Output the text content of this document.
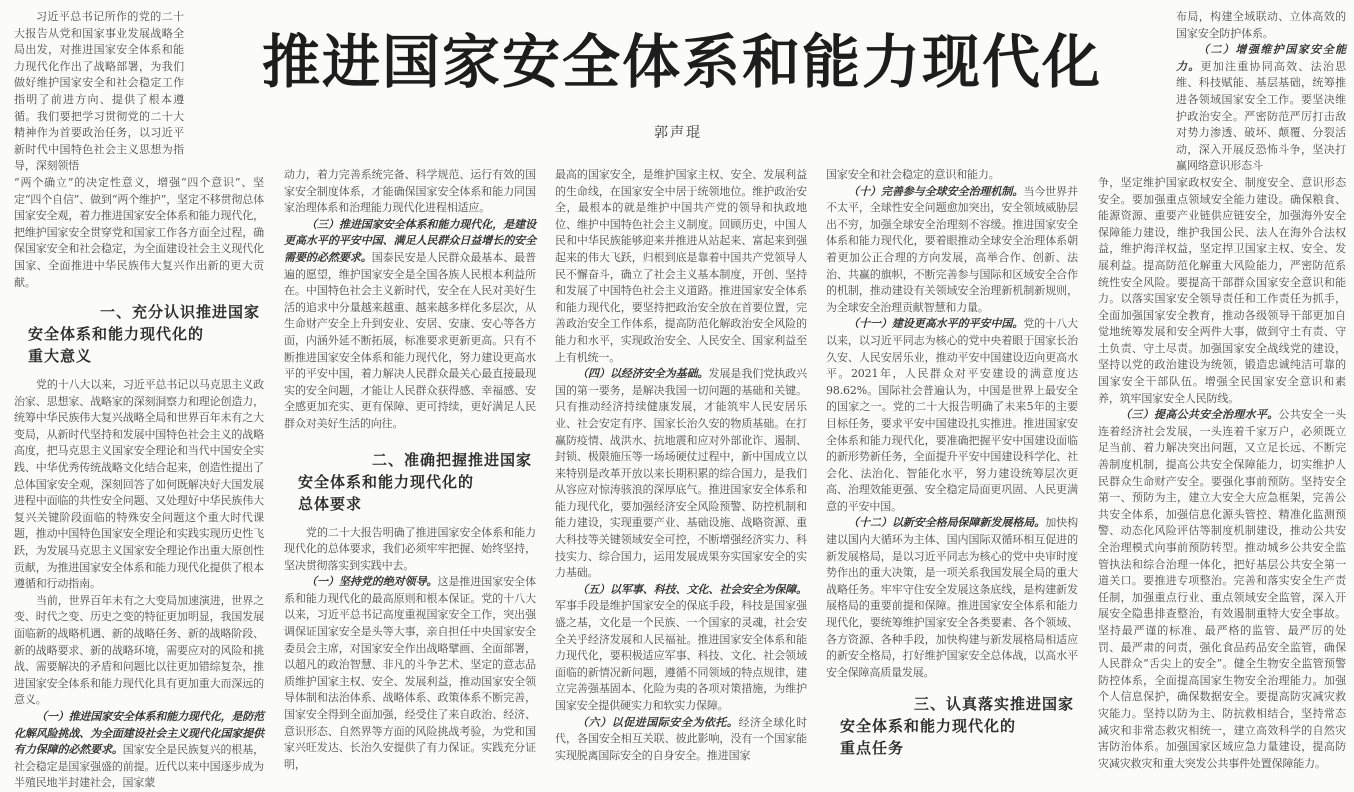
推进国家安全体系和能力现代化
郭声琨

习近平总书记所作的党的二十大报告从党和国家事业发展战略全局出发，对推进国家安全体系和能力现代化作出了战略部署，为我们做好维护国家安全和社会稳定工作指明了前进方向、提供了根本遵循。我们要把学习贯彻党的二十大精神作为首要政治任务，以习近平新时代中国特色社会主义思想为指导，深刻领悟

“两个确立”的决定性意义，增强“四个意识”、坚定“四个自信”、做到“两个维护”，坚定不移贯彻总体国家安全观，着力推进国家安全体系和能力现代化，把维护国家安全贯穿党和国家工作各方面全过程，确保国家安全和社会稳定，为全面建设社会主义现代化国家、全面推进中华民族伟大复兴作出新的更大贡献。

一、充分认识推进国家
安全体系和能力现代化的
重大意义

党的十八大以来，习近平总书记以马克思主义政治家、思想家、战略家的深刻洞察力和理论创造力，统筹中华民族伟大复兴战略全局和世界百年未有之大变局，从新时代坚持和发展中国特色社会主义的战略高度，把马克思主义国家安全理论和当代中国安全实践、中华优秀传统战略文化结合起来，创造性提出了总体国家安全观，深刻回答了如何既解决好大国发展进程中面临的共性安全问题、又处理好中华民族伟大复兴关键阶段面临的特殊安全问题这个重大时代课题，推动中国特色国家安全理论和实践实现历史性飞跃，为发展马克思主义国家安全理论作出重大原创性贡献，为推进国家安全体系和能力现代化提供了根本遵循和行动指南。

当前，世界百年未有之大变局加速演进，世界之变、时代之变、历史之变的特征更加明显，我国发展面临新的战略机遇、新的战略任务、新的战略阶段、新的战略要求、新的战略环境，需要应对的风险和挑战、需要解决的矛盾和问题比以往更加错综复杂，推进国家安全体系和能力现代化具有更加重大而深远的意义。

（一）推进国家安全体系和能力现代化，是防范化解风险挑战、为全面建设社会主义现代化国家提供有力保障的必然要求。国家安全是民族复兴的根基，社会稳定是国家强盛的前提。近代以来中国逐步成为半殖民地半封建社会，国家蒙

动力，着力完善系统完备、科学规范、运行有效的国家安全制度体系，才能确保国家安全体系和能力同国家治理体系和治理能力现代化进程相适应。

（三）推进国家安全体系和能力现代化，是建设更高水平的平安中国、满足人民群众日益增长的安全需要的必然要求。国泰民安是人民群众最基本、最普遍的愿望，维护国家安全是全国各族人民根本利益所在。中国特色社会主义新时代，安全在人民对美好生活的追求中分量越来越重、越来越多样化多层次，从生命财产安全上升到安业、安居、安康、安心等各方面，内涵外延不断拓展，标准要求更新更高。只有不断推进国家安全体系和能力现代化，努力建设更高水平的平安中国，着力解决人民群众最关心最直接最现实的安全问题，才能让人民群众获得感、幸福感、安全感更加充实、更有保障、更可持续，更好满足人民群众对美好生活的向往。

二、准确把握推进国家
安全体系和能力现代化的
总体要求

党的二十大报告明确了推进国家安全体系和能力现代化的总体要求，我们必须牢牢把握、始终坚持，坚决贯彻落实到实践中去。

（一）坚持党的绝对领导。这是推进国家安全体系和能力现代化的最高原则和根本保证。党的十八大以来，习近平总书记高度重视国家安全工作，突出强调保证国家安全是头等大事，亲自担任中央国家安全委员会主席，对国家安全作出战略擘画、全面部署，以超凡的政治智慧、非凡的斗争艺术、坚定的意志品质维护国家主权、安全、发展利益，推动国家安全领导体制和法治体系、战略体系、政策体系不断完善，国家安全得到全面加强，经受住了来自政治、经济、意识形态、自然界等方面的风险挑战考验，为党和国家兴旺发达、长治久安提供了有力保证。实践充分证明，

最高的国家安全，是维护国家主权、安全、发展利益的生命线，在国家安全中居于统领地位。维护政治安全，最根本的就是维护中国共产党的领导和执政地位、维护中国特色社会主义制度。回顾历史，中国人民和中华民族能够迎来并推进从站起来、富起来到强起来的伟大飞跃，归根到底是靠着中国共产党领导人民不懈奋斗，确立了社会主义基本制度，开创、坚持和发展了中国特色社会主义道路。推进国家安全体系和能力现代化，要坚持把政治安全放在首要位置，完善政治安全工作体系，提高防范化解政治安全风险的能力和水平，实现政治安全、人民安全、国家利益至上有机统一。

（四）以经济安全为基础。发展是我们党执政兴国的第一要务，是解决我国一切问题的基础和关键。只有推动经济持续健康发展，才能筑牢人民安居乐业、社会安定有序、国家长治久安的物质基础。在打赢防疫情、战洪水、抗地震和应对外部讹诈、遏制、封锁、极限施压等一场场硬仗过程中，新中国成立以来特别是改革开放以来长期积累的综合国力，是我们从容应对惊涛骇浪的深厚底气。推进国家安全体系和能力现代化，要加强经济安全风险预警、防控机制和能力建设，实现重要产业、基础设施、战略资源、重大科技等关键领域安全可控，不断增强经济实力、科技实力、综合国力，运用发展成果夯实国家安全的实力基础。

（五）以军事、科技、文化、社会安全为保障。军事手段是维护国家安全的保底手段，科技是国家强盛之基，文化是一个民族、一个国家的灵魂，社会安全关乎经济发展和人民福祉。推进国家安全体系和能力现代化，要积极适应军事、科技、文化、社会领域面临的新情况新问题，遵循不同领域的特点规律，建立完善强基固本、化险为夷的各项对策措施，为维护国家安全提供硬实力和软实力保障。

（六）以促进国际安全为依托。经济全球化时代，各国安全相互关联、彼此影响，没有一个国家能实现脱离国际安全的自身安全。推进国家

国家安全和社会稳定的意识和能力。

（十）完善参与全球安全治理机制。当今世界并不太平，全球性安全问题愈加突出，安全领域威胁层出不穷，加强全球安全治理刻不容缓。推进国家安全体系和能力现代化，要着眼推动全球安全治理体系朝着更加公正合理的方向发展，高举合作、创新、法治、共赢的旗帜，不断完善参与国际和区域安全合作的机制，推动建设有关领域安全治理新机制新规则，为全球安全治理贡献智慧和力量。

（十一）建设更高水平的平安中国。党的十八大以来，以习近平同志为核心的党中央着眼于国家长治久安、人民安居乐业，推动平安中国建设迈向更高水平。2021年，人民群众对平安建设的满意度达98.62%。国际社会普遍认为，中国是世界上最安全的国家之一。党的二十大报告明确了未来5年的主要目标任务，要求平安中国建设扎实推进。推进国家安全体系和能力现代化，要准确把握平安中国建设面临的新形势新任务，全面提升平安中国建设科学化、社会化、法治化、智能化水平，努力建设统筹层次更高、治理效能更强、安全稳定局面更巩固、人民更满意的平安中国。

（十二）以新安全格局保障新发展格局。加快构建以国内大循环为主体、国内国际双循环相互促进的新发展格局，是以习近平同志为核心的党中央审时度势作出的重大决策，是一项关系我国发展全局的重大战略任务。牢牢守住安全发展这条底线，是构建新发展格局的重要前提和保障。推进国家安全体系和能力现代化，要统筹维护国家安全各类要素、各个领域、各方资源、各种手段，加快构建与新发展格局相适应的新安全格局，打好维护国家安全总体战，以高水平安全保障高质量发展。

三、认真落实推进国家
安全体系和能力现代化的
重点任务

布局，构建全域联动、立体高效的国家安全防护体系。

（二）增强维护国家安全能力。更加注重协同高效、法治思维、科技赋能、基层基础，统筹推进各领域国家安全工作。要坚决维护政治安全。严密防范严厉打击敌对势力渗透、破坏、颠覆、分裂活动，深入开展反恐怖斗争，坚决打赢网络意识形态斗

争，坚定维护国家政权安全、制度安全、意识形态安全。要加强重点领域安全能力建设。确保粮食、能源资源、重要产业链供应链安全，加强海外安全保障能力建设，维护我国公民、法人在海外合法权益，维护海洋权益，坚定捍卫国家主权、安全、发展利益。提高防范化解重大风险能力，严密防范系统性安全风险。要提高干部群众国家安全意识和能力。以落实国家安全领导责任和工作责任为抓手，全面加强国家安全教育，推动各级领导干部更加自觉地统筹发展和安全两件大事，做到守土有责、守土负责、守土尽责。加强国家安全战线党的建设，坚持以党的政治建设为统领，锻造忠诚纯洁可靠的国家安全干部队伍。增强全民国家安全意识和素养，筑牢国家安全人民防线。

（三）提高公共安全治理水平。公共安全一头连着经济社会发展，一头连着千家万户，必须既立足当前、着力解决突出问题，又立足长远、不断完善制度机制，提高公共安全保障能力，切实维护人民群众生命财产安全。要强化事前预防。坚持安全第一、预防为主，建立大安全大应急框架，完善公共安全体系，加强信息化源头管控、精准化监测预警、动态化风险评估等制度机制建设，推动公共安全治理模式向事前预防转型。推动城乡公共安全监管执法和综合治理一体化，把好基层公共安全第一道关口。要推进专项整治。完善和落实安全生产责任制，加强重点行业、重点领域安全监管，深入开展安全隐患排查整治，有效遏制重特大安全事故。坚持最严谨的标准、最严格的监管、最严厉的处罚、最严肃的问责，强化食品药品安全监管，确保人民群众“舌尖上的安全”。健全生物安全监管预警防控体系，全面提高国家生物安全治理能力。加强个人信息保护，确保数据安全。要提高防灾减灾救灾能力。坚持以防为主、防抗救相结合，坚持常态减灾和非常态救灾相统一，建立高效科学的自然灾害防治体系。加强国家区域应急力量建设，提高防灾减灾救灾和重大突发公共事件处置保障能力。
